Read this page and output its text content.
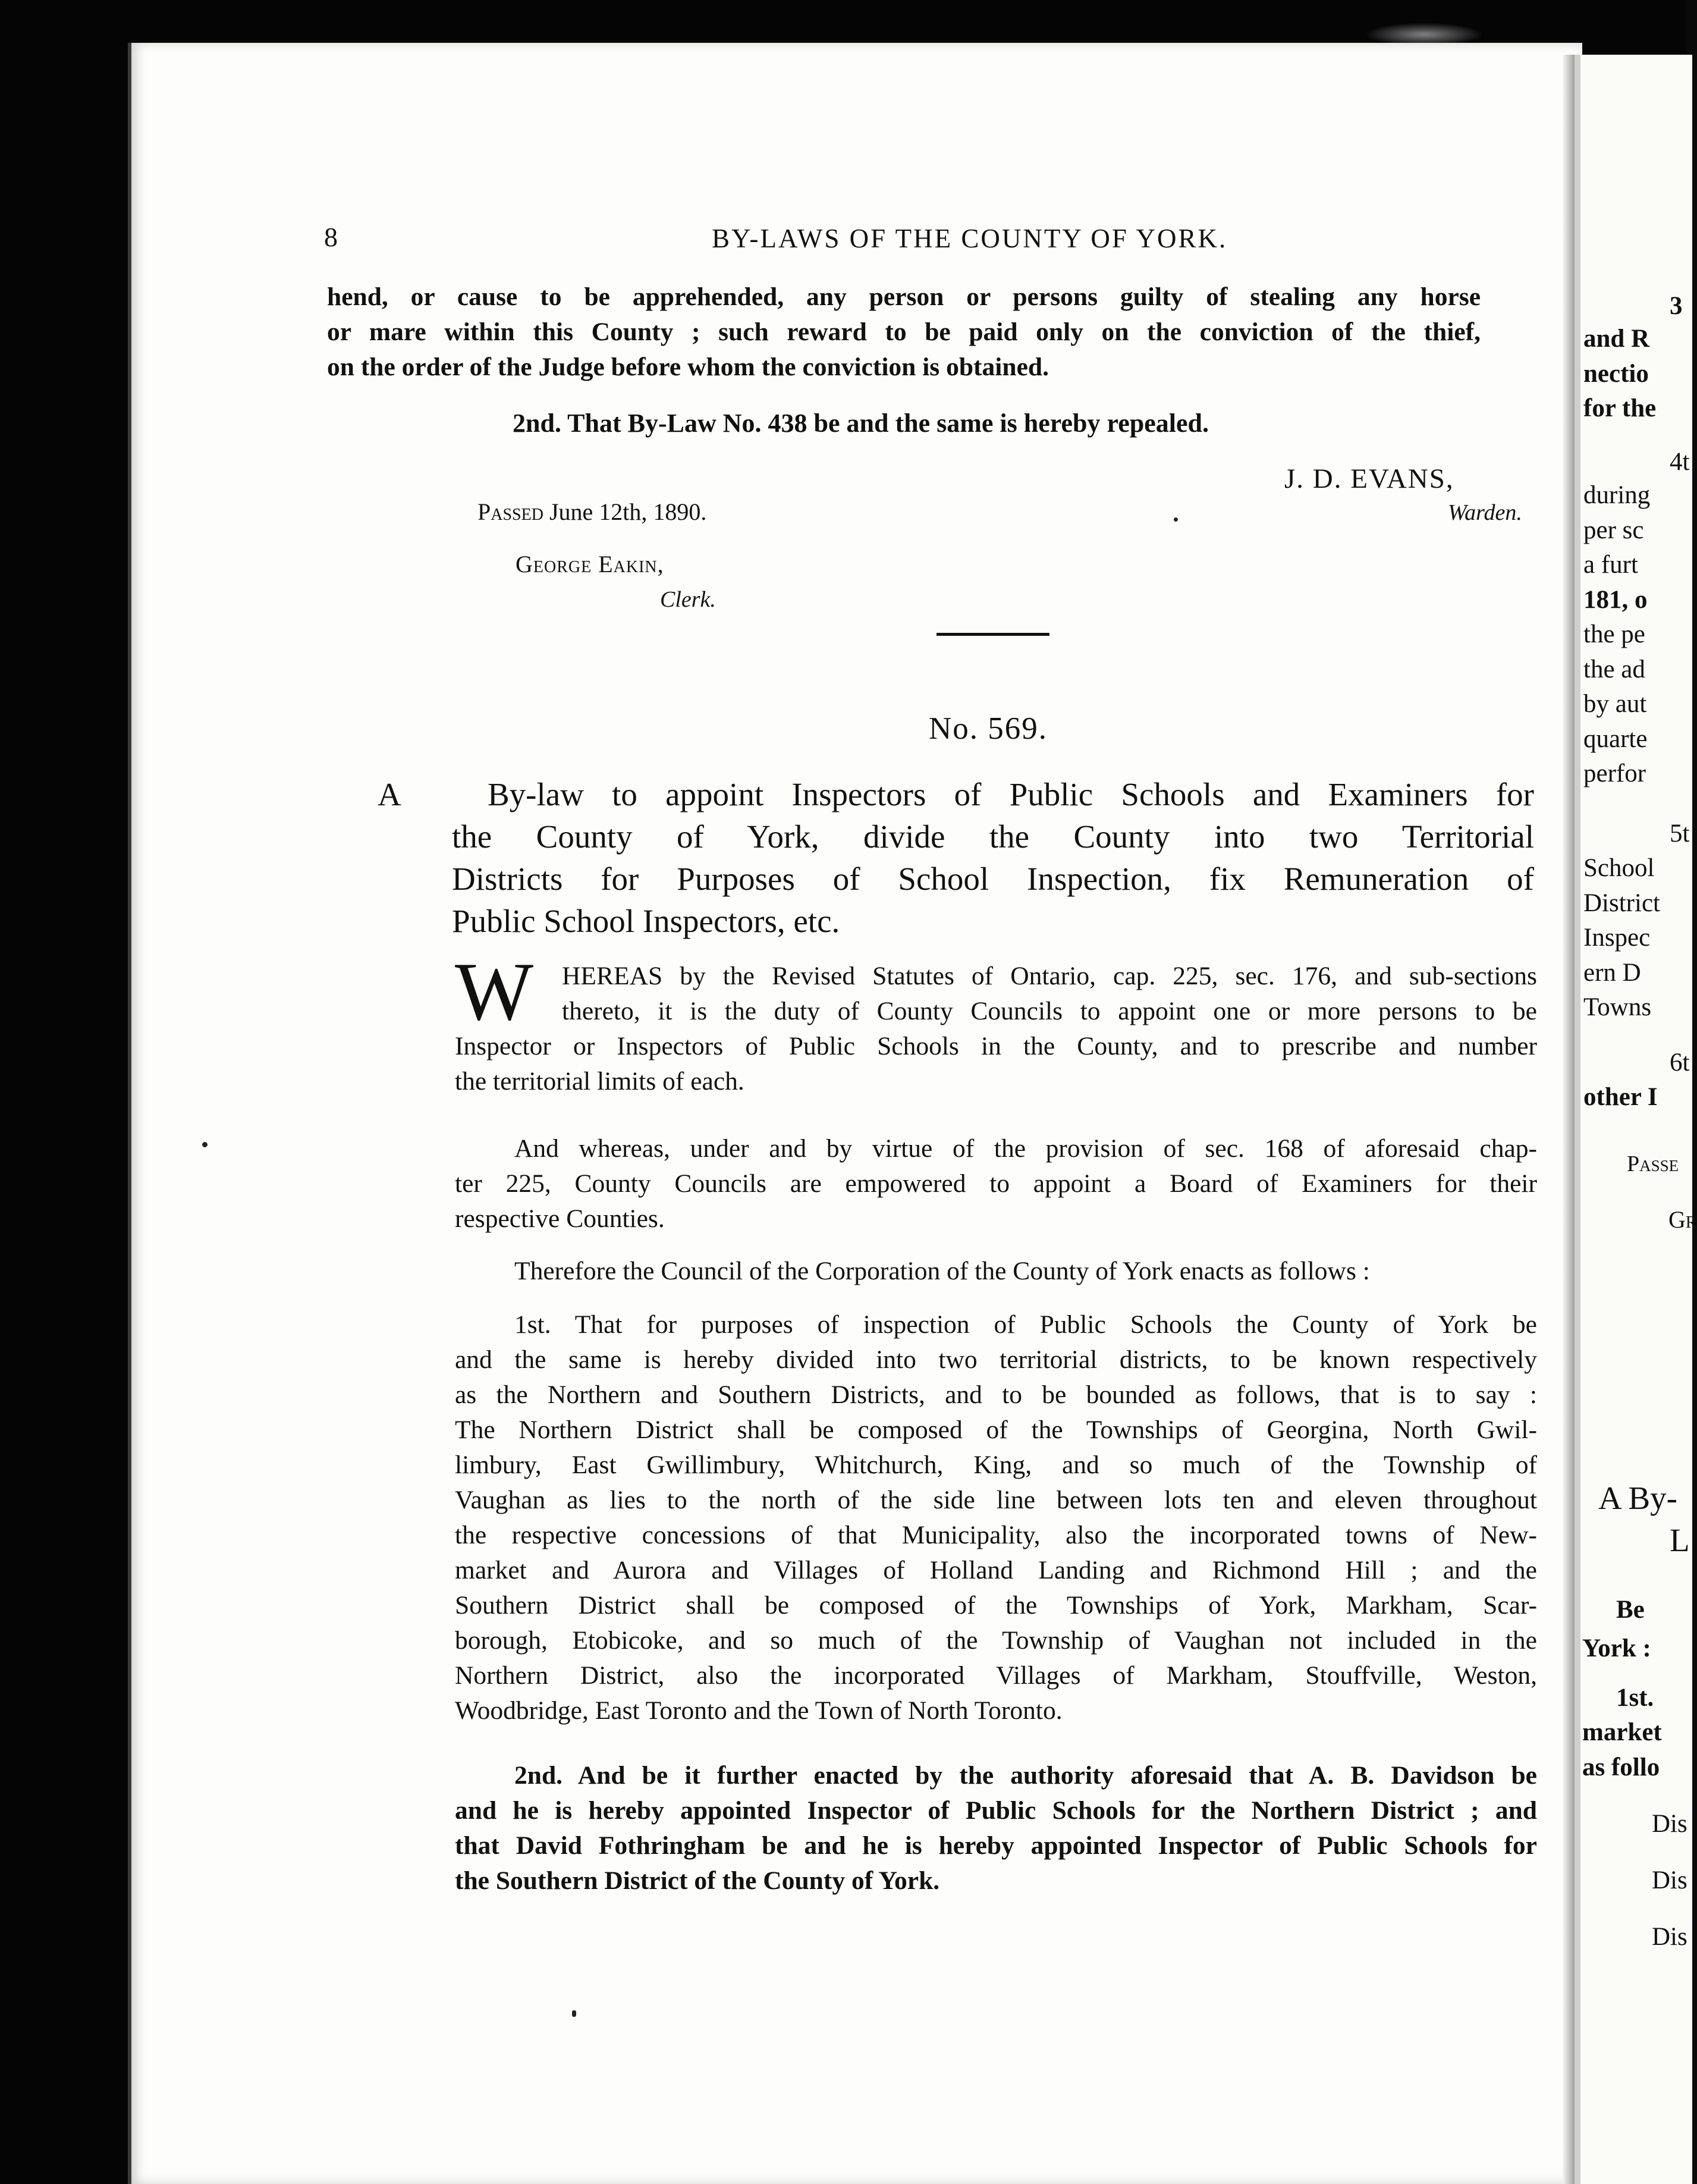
8	BY-LAWS OF THE COUNTY OF YORK.
hend, or cause to be apprehended, any person or persons guilty of stealing any horse
or mare within this County ; such reward to be paid only on the conviction of the thief,
on the order of the Judge before whom the conviction is obtained.
2nd. That By-Law No. 438 be and the same is hereby repealed.
J. D. EVANS,
Warden.
Passed June 12th, 1890.
George Eakin,
Clerk.
No. 569.
A	By-law to appoint Inspectors of Public Schools and Examiners for
the County of York, divide the County into two Territorial
Districts for Purposes of School Inspection, fix Remuneration of
Public School Inspectors, etc.
W HEREAS by the Revised Statutes of Ontario, cap. 225, sec. 176, and sub-sections
thereto, it is the duty of County Councils to appoint one or more persons to be
Inspector or Inspectors of Public Schools in the County, and to prescribe and number
the territorial limits of each.
And whereas, under and by virtue of the provision of sec. 168 of aforesaid chap-
ter 225, County Councils are empowered to appoint a Board of Examiners for their
respective Counties.
Therefore the Council of the Corporation of the County of York enacts as follows :
1st. That for purposes of inspection of Public Schools the County of York be
and the same is hereby divided into two territorial districts, to be known respectively
as the Northern and Southern Districts, and to be bounded as follows, that is to say :
The Northern District shall be composed of the Townships of Georgina, North Gwil-
limbury, East Gwillimbury, Whitchurch, King, and so much of the Township of
Vaughan as lies to the north of the side line between lots ten and eleven throughout
the respective concessions of that Municipality, also the incorporated towns of New-
market and Aurora and Villages of Holland Landing and Richmond Hill ; and the
Southern District shall be composed of the Townships of York, Markham, Scar-
borough, Etobicoke, and so much of the Township of Vaughan not included in the
Northern District, also the incorporated Villages of Markham, Stouffville, Weston,
Woodbridge, East Toronto and the Town of North Toronto.
2nd. And be it further enacted by the authority aforesaid that A. B. Davidson be
and he is hereby appointed Inspector of Public Schools for the Northern District ; and
that David Fothringham be and he is hereby appointed Inspector of Public Schools for
the Southern District of the County of York.
3
and R
nectio
for the
4t
during
per sc
a furt
181, o
the pe
the ad
by aut
quarte
perfor
5t
School
District
Inspec
ern D
Towns
6t
other I
Passe
Gr
A By-
L
Be
York :
1st.
market
as follo
Dis
Dis
Dis
